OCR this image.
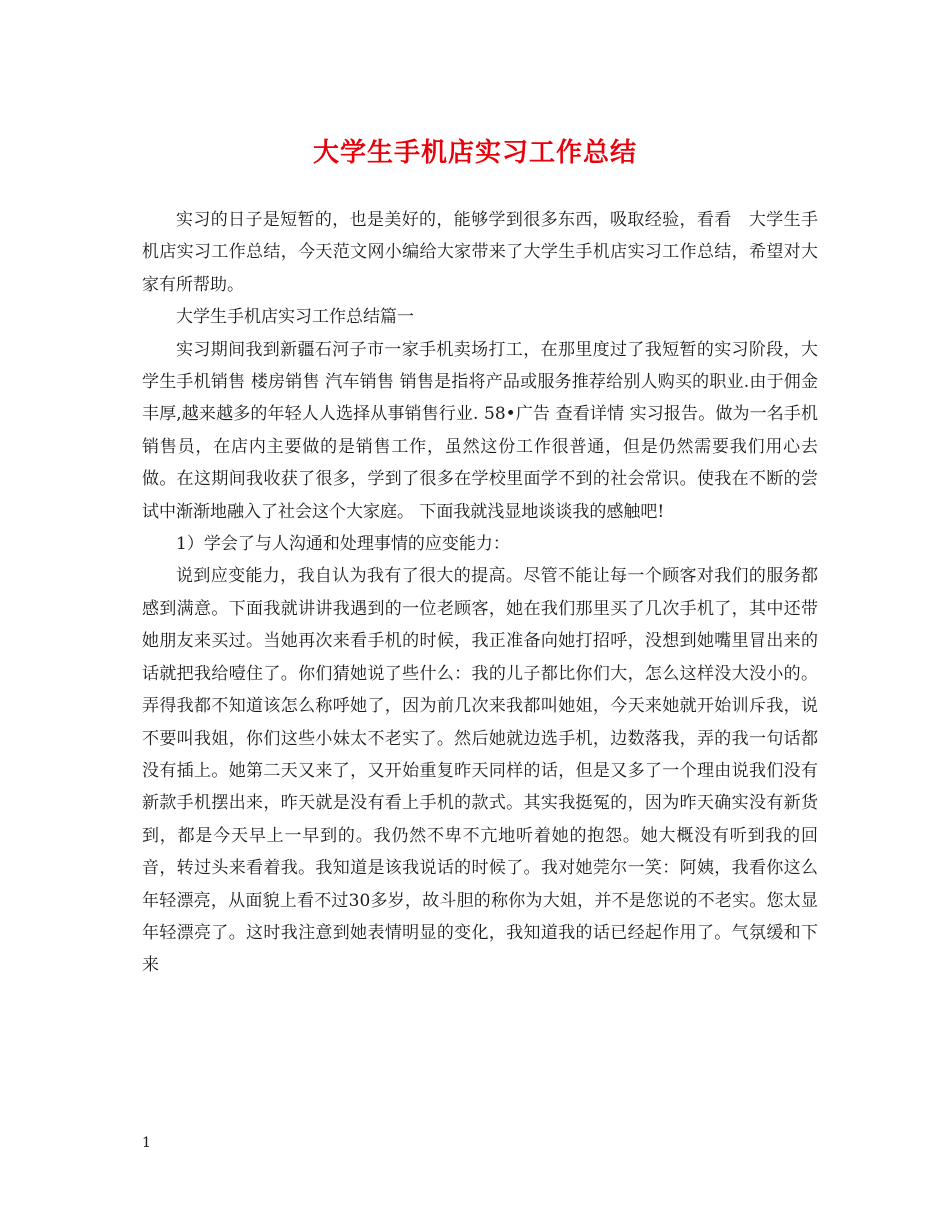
大学生手机店实习工作总结

实习的日子是短暂的，也是美好的，能够学到很多东西，吸取经验，看看　大学生手机店实习工作总结，今天范文网小编给大家带来了大学生手机店实习工作总结，希望对大家有所帮助。

大学生手机店实习工作总结篇一

实习期间我到新疆石河子市一家手机卖场打工，在那里度过了我短暂的实习阶段，大学生手机销售 楼房销售 汽车销售 销售是指将产品或服务推荐给别人购买的职业.由于佣金丰厚,越来越多的年轻人人选择从事销售行业. 58•广告 查看详情 实习报告。做为一名手机销售员，在店内主要做的是销售工作，虽然这份工作很普通，但是仍然需要我们用心去做。在这期间我收获了很多，学到了很多在学校里面学不到的社会常识。使我在不断的尝试中渐渐地融入了社会这个大家庭。 下面我就浅显地谈谈我的感触吧!

1）学会了与人沟通和处理事情的应变能力：

说到应变能力，我自认为我有了很大的提高。尽管不能让每一个顾客对我们的服务都感到满意。下面我就讲讲我遇到的一位老顾客，她在我们那里买了几次手机了，其中还带她朋友来买过。当她再次来看手机的时候，我正准备向她打招呼，没想到她嘴里冒出来的话就把我给噎住了。你们猜她说了些什么：我的儿子都比你们大，怎么这样没大没小的。弄得我都不知道该怎么称呼她了，因为前几次来我都叫她姐，今天来她就开始训斥我，说不要叫我姐，你们这些小妹太不老实了。然后她就边选手机，边数落我，弄的我一句话都没有插上。她第二天又来了，又开始重复昨天同样的话，但是又多了一个理由说我们没有新款手机摆出来，昨天就是没有看上手机的款式。其实我挺冤的，因为昨天确实没有新货到，都是今天早上一早到的。我仍然不卑不亢地听着她的抱怨。她大概没有听到我的回音，转过头来看着我。我知道是该我说话的时候了。我对她莞尔一笑：阿姨，我看你这么年轻漂亮，从面貌上看不过30多岁，故斗胆的称你为大姐，并不是您说的不老实。您太显年轻漂亮了。这时我注意到她表情明显的变化，我知道我的话已经起作用了。气氛缓和下来

1
